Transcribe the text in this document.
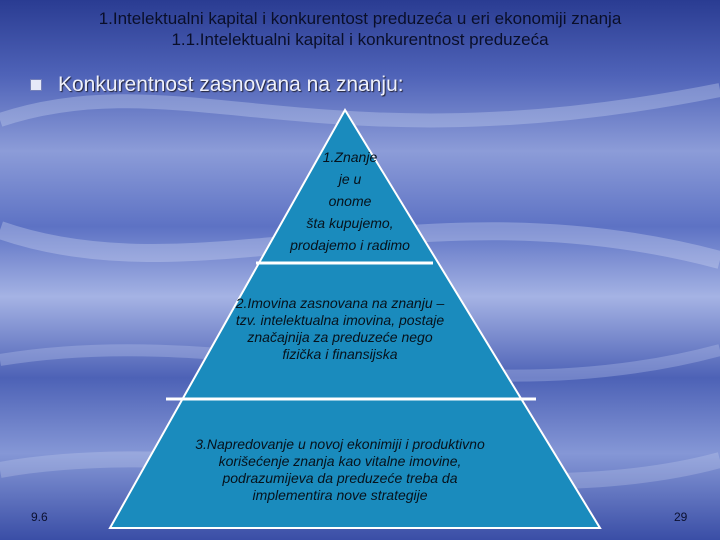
1.Intelektualni kapital i konkurentost preduzeća u eri ekonomiji znanja
1.1.Intelektualni kapital i konkurentnost preduzeća
Konkurentnost zasnovana na znanju:
1.Znanje
je u
onome
šta kupujemo,
prodajemo i radimo
2.Imovina zasnovana na znanju –
tzv. intelektualna imovina, postaje
značajnija za preduzeće nego
fizička i finansijska
3.Napredovanje u novoj ekonimiji i produktivno
korišećenje znanja kao vitalne imovine,
podrazumijeva da preduzeće treba da
implementira nove strategije
9.6	29
